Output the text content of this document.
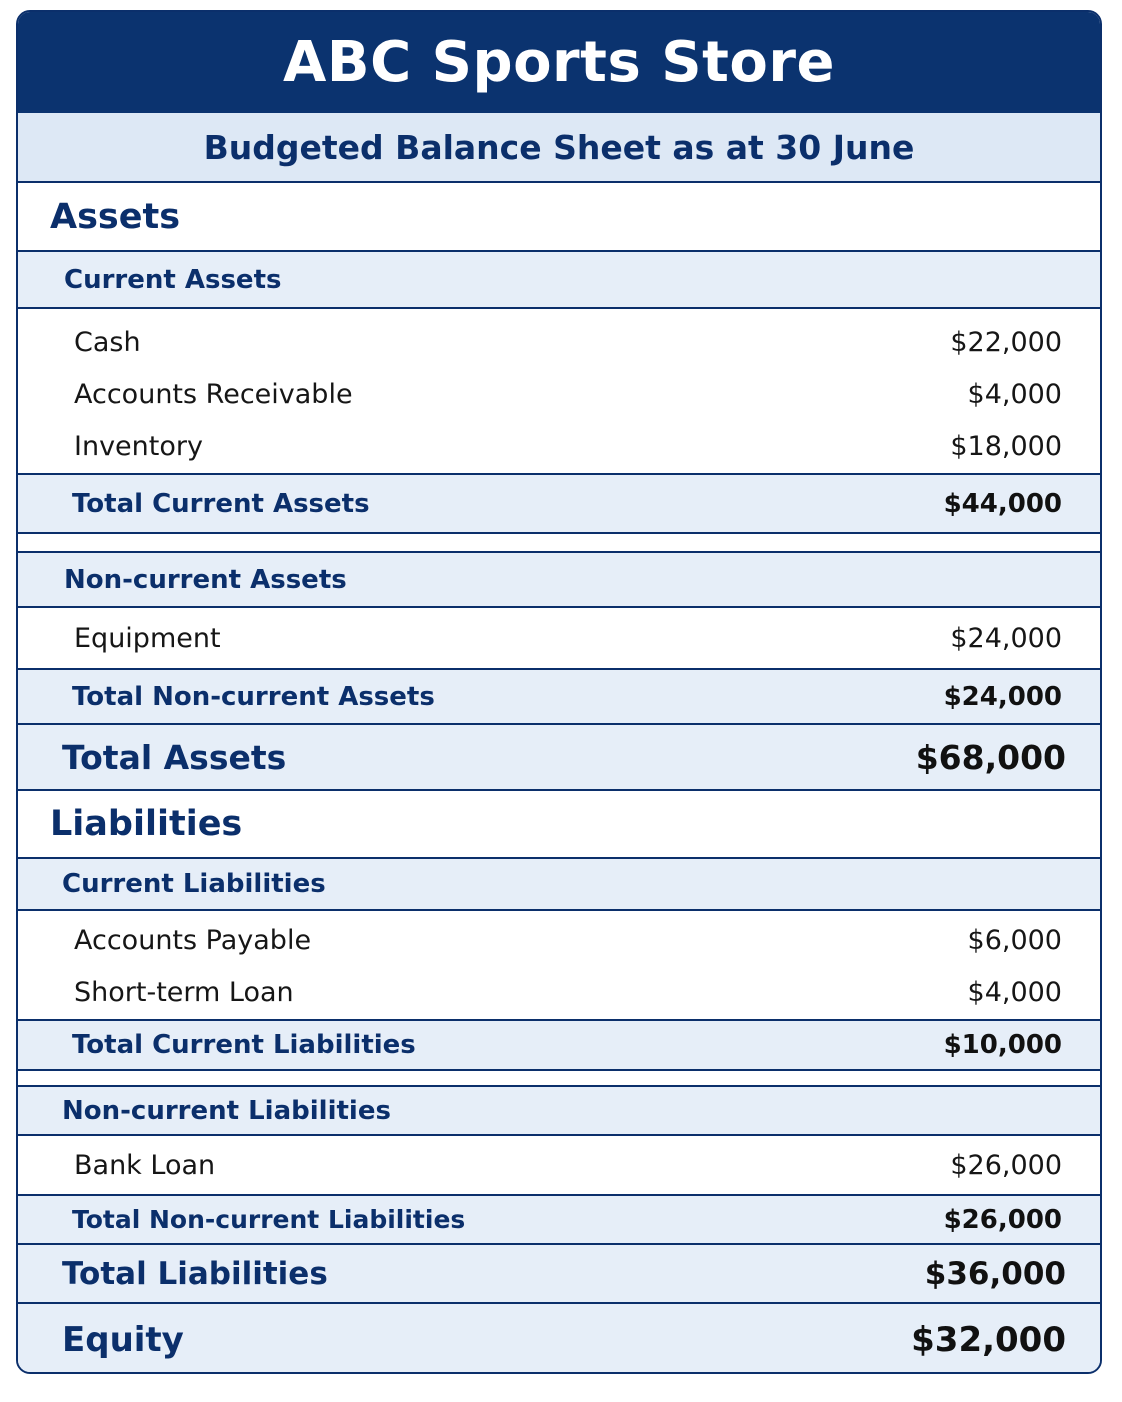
ABC Sports Store
Budgeted Balance Sheet as at 30 June
Assets
Current Assets
Cash	$22,000
Accounts Receivable	$4,000
Inventory	$18,000
Total Current Assets	$44,000
Non-current Assets
Equipment	$24,000
Total Non-current Assets	$24,000
Total Assets	$68,000
Liabilities
Current Liabilities
Accounts Payable	$6,000
Short-term Loan	$4,000
Total Current Liabilities	$10,000
Non-current Liabilities
Bank Loan	$26,000
Total Non-current Liabilities	$26,000
Total Liabilities	$36,000
Equity	$32,000
